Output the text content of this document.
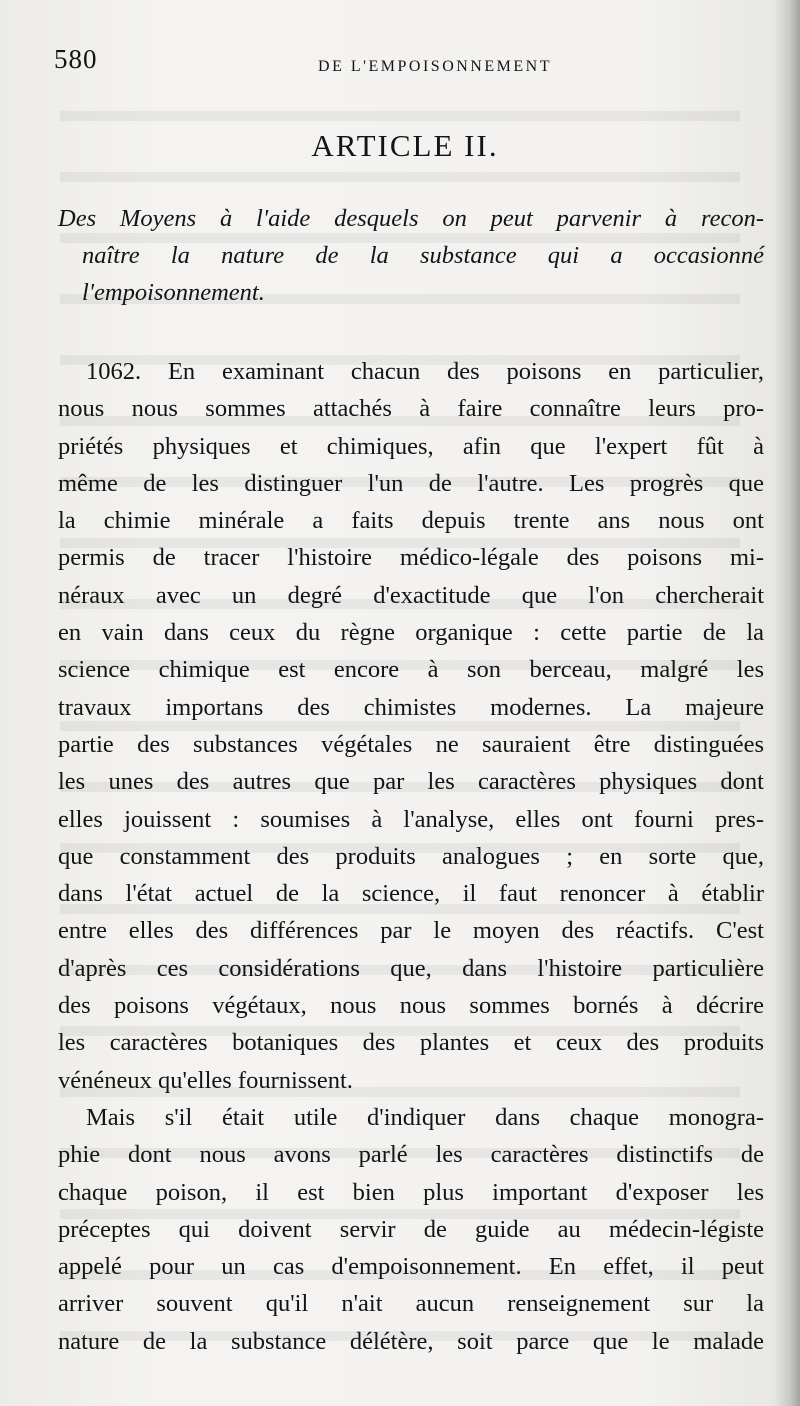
580	DE L'EMPOISONNEMENT
ARTICLE II.
Des Moyens à l'aide desquels on peut parvenir à recon-
naître la nature de la substance qui a occasionné
l'empoisonnement.
1062. En examinant chacun des poisons en particulier,
nous nous sommes attachés à faire connaître leurs pro-
priétés physiques et chimiques, afin que l'expert fût à
même de les distinguer l'un de l'autre. Les progrès que
la chimie minérale a faits depuis trente ans nous ont
permis de tracer l'histoire médico-légale des poisons mi-
néraux avec un degré d'exactitude que l'on chercherait
en vain dans ceux du règne organique : cette partie de la
science chimique est encore à son berceau, malgré les
travaux importans des chimistes modernes. La majeure
partie des substances végétales ne sauraient être distinguées
les unes des autres que par les caractères physiques dont
elles jouissent : soumises à l'analyse, elles ont fourni pres-
que constamment des produits analogues ; en sorte que,
dans l'état actuel de la science, il faut renoncer à établir
entre elles des différences par le moyen des réactifs. C'est
d'après ces considérations que, dans l'histoire particulière
des poisons végétaux, nous nous sommes bornés à décrire
les caractères botaniques des plantes et ceux des produits
vénéneux qu'elles fournissent.
Mais s'il était utile d'indiquer dans chaque monogra-
phie dont nous avons parlé les caractères distinctifs de
chaque poison, il est bien plus important d'exposer les
préceptes qui doivent servir de guide au médecin-légiste
appelé pour un cas d'empoisonnement. En effet, il peut
arriver souvent qu'il n'ait aucun renseignement sur la
nature de la substance délétère, soit parce que le malade
